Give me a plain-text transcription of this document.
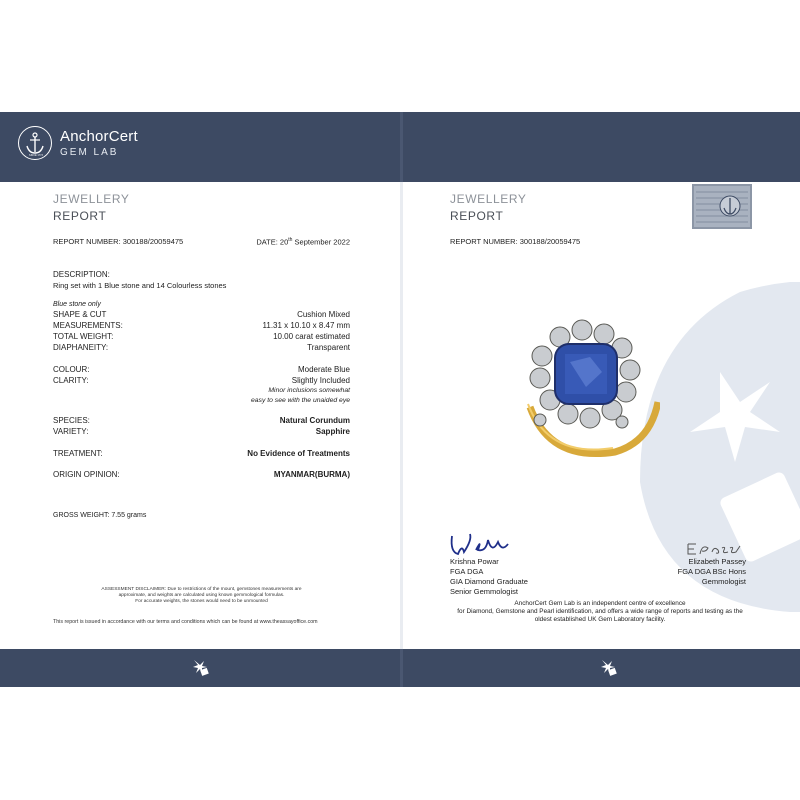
SINCE 1773
AnchorCert
GEM LAB
JEWELLERY
REPORT
REPORT NUMBER: 300188/20059475	DATE: 20th September 2022
DESCRIPTION:
Ring set with 1 Blue stone and 14 Colourless stones
Blue stone only
SHAPE & CUT	Cushion Mixed
MEASUREMENTS:	11.31 x 10.10 x 8.47 mm
TOTAL WEIGHT:	10.00 carat estimated
DIAPHANEITY:	Transparent
COLOUR:	Moderate Blue
CLARITY:	Slightly Included
Minor inclusions somewhat
easy to see with the unaided eye
SPECIES:	Natural Corundum
VARIETY:	Sapphire
TREATMENT:	No Evidence of Treatments
ORIGIN OPINION:	MYANMAR(BURMA)
GROSS WEIGHT: 7.55 grams
ASSESSMENT DISCLAIMER: Due to restrictions of the mount, gemstones measurements are
approximate, and weights are calculated using known gemmological formulas.
For accurate weights, the stones would need to be unmounted
This report is issued in accordance with our terms and conditions which can be found at www.theassayoffice.com
JEWELLERY
REPORT
REPORT NUMBER: 300188/20059475
Krishna Powar
FGA DGA
GIA Diamond Graduate
Senior Gemmologist
Elizabeth Passey
FGA DGA BSc Hons
Gemmologist
AnchorCert Gem Lab is an independent centre of excellence
for Diamond, Gemstone and Pearl identification, and offers a wide range of reports and testing as the
oldest established UK Gem Laboratory facility.
